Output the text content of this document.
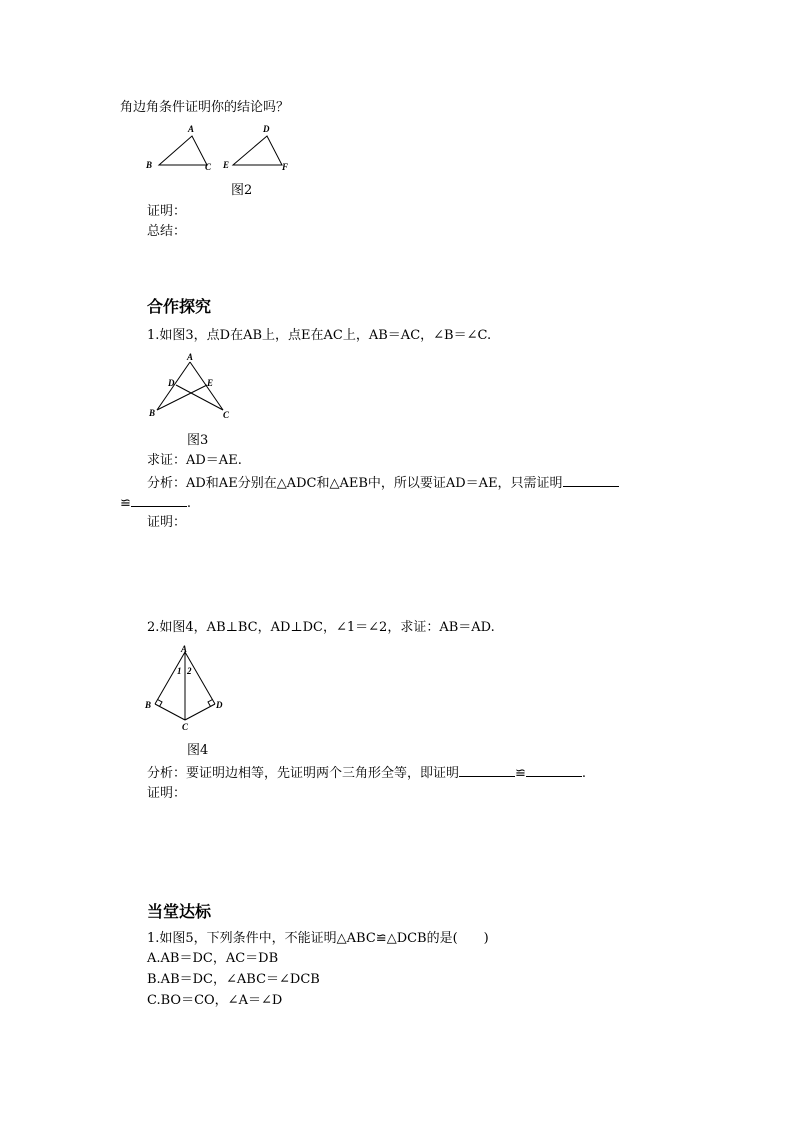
角边角条件证明你的结论吗？
A
B	C
D
E	F
图2
证明：
总结：
合作探究
1.如图3，点D在AB上，点E在AC上，AB＝AC，∠B＝∠C.
A
D	E
B	C
图3
求证：AD＝AE.
分析：AD和AE分别在△ADC和△AEB中，所以要证AD＝AE，只需证明
≌	.
证明：
2.如图4，AB⊥BC，AD⊥DC，∠1＝∠2，求证：AB＝AD.
A
1 2
B	D
C
图4
分析：要证明边相等，先证明两个三角形全等，即证明	≌	.
证明：
当堂达标
1.如图5，下列条件中，不能证明△ABC≌△DCB的是(　　)
A.AB＝DC，AC＝DB
B.AB＝DC，∠ABC＝∠DCB
C.BO＝CO，∠A＝∠D
